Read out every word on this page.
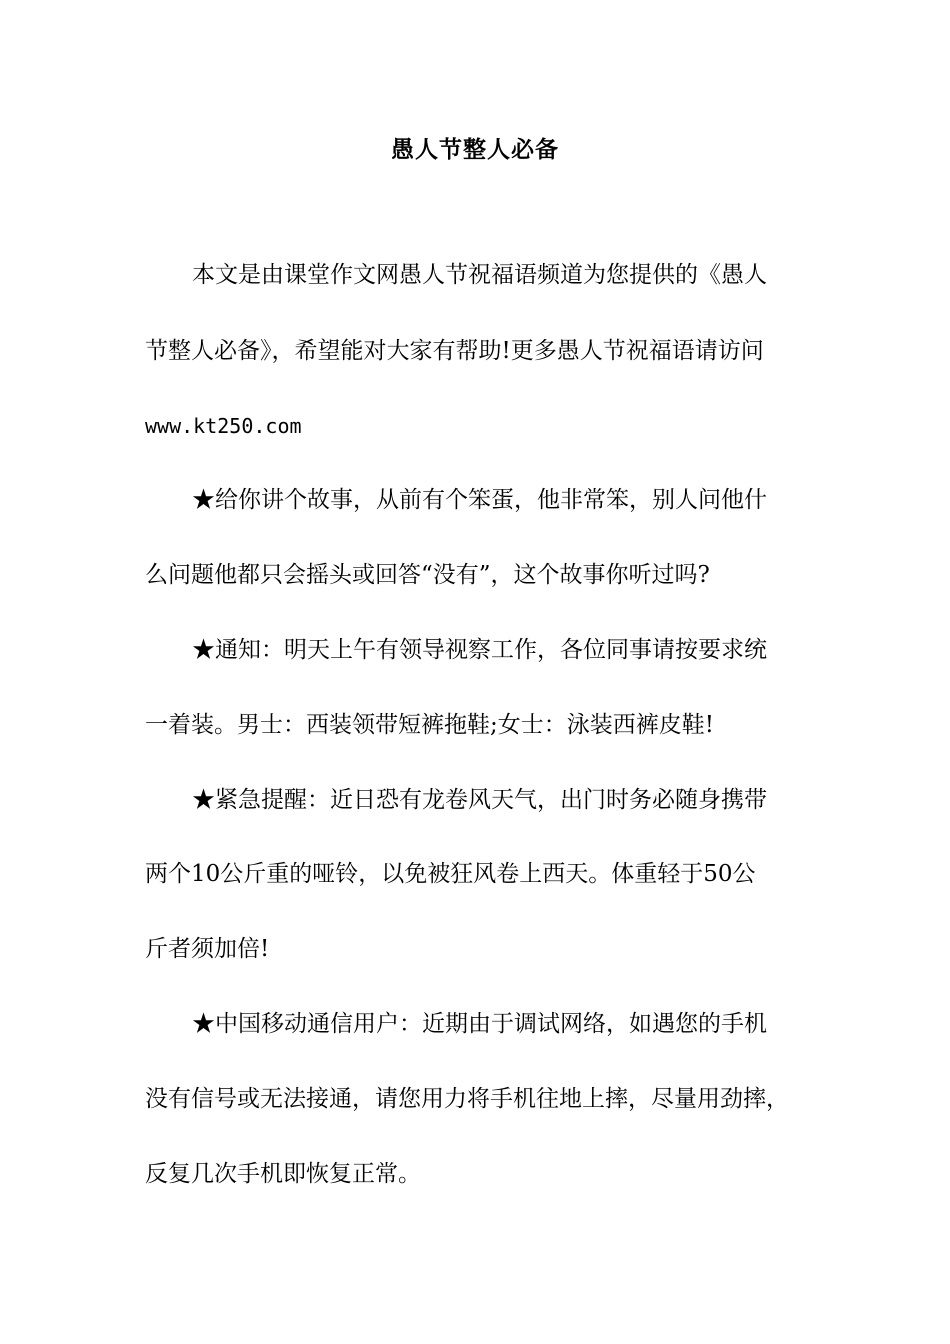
愚人节整人必备
本文是由课堂作文网愚人节祝福语频道为您提供的《愚人
节整人必备》，希望能对大家有帮助!更多愚人节祝福语请访问
www.kt250.com
★给你讲个故事，从前有个笨蛋，他非常笨，别人问他什
么问题他都只会摇头或回答“没有”，这个故事你听过吗?
★通知：明天上午有领导视察工作，各位同事请按要求统
一着装。男士：西装领带短裤拖鞋;女士：泳装西裤皮鞋!
★紧急提醒：近日恐有龙卷风天气，出门时务必随身携带
两个10公斤重的哑铃，以免被狂风卷上西天。体重轻于50公
斤者须加倍!
★中国移动通信用户：近期由于调试网络，如遇您的手机
没有信号或无法接通，请您用力将手机往地上摔，尽量用劲摔，
反复几次手机即恢复正常。
